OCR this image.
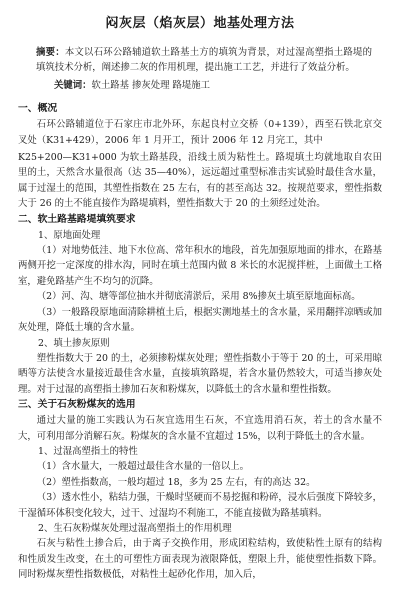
闷灰层（焰灰层）地基处理方法

摘要：本文以石环公路辅道软土路基土方的填筑为背景，对过湿高塑指土路堤的填筑技术分析，阐述掺二灰的作用机理，提出施工工艺，并进行了效益分析。

关键词：软土路基 掺灰处理 路堤施工

一、概况

石环公路辅道位于石家庄市北外环，东起良村立交桥（0+139），西至石铁北京交叉处（K31+429），2006 年 1 月开工，预计 2006 年 12 月完工，其中

K25+200—K31+000 为软土路基段，沿线土质为粘性土。路堤填土均就地取自农田里的土，天然含水量很高（达 35—40%），远远超过重型标准击实试验时最佳含水量，属于过湿土的范围，其塑性指数在 25 左右，有的甚至高达 32。按规范要求，塑性指数大于 26 的土不能直接作为路堤填料，塑性指数大于 20 的土须经过处治。

二、软土路基路堤填筑要求

1、原地面处理

（1）对地势低洼、地下水位高、常年积水的地段，首先加强原地面的排水，在路基两侧开挖一定深度的排水沟，同时在填土范围内做 8 米长的水泥搅拌桩，上面做土工格室，避免路基产生不均匀的沉降。

（2）河、沟、塘等部位抽水并彻底清淤后，采用 8%掺灰土填至原地面标高。

（3）一般路段原地面清除耕植土后，根据实测地基土的含水量，采用翻拌凉晒或加灰处理，降低土壤的含水量。

2、填土掺灰原则

塑性指数大于 20 的土，必须掺粉煤灰处理；塑性指数小于等于 20 的土，可采用晾晒等方法使含水量接近最佳含水量，直接填筑路堤，若含水量仍然较大，可适当掺灰处理。对于过湿的高塑指土掺加石灰和粉煤灰，以降低土的含水量和塑性指数。

三、关于石灰粉煤灰的选用

通过大量的施工实践认为石灰宜选用生石灰，不宜选用消石灰，若土的含水量不大，可利用部分消解石灰。粉煤灰的含水量不宜超过 15%，以利于降低土的含水量。

1、过湿高塑指土的特性

（1）含水量大，一般超过最佳含水量的一倍以上。

（2）塑性指数高，一般均超过 18，多为 25 左右，有的高达 32。

（3）透水性小，粘结力强，干燥时坚硬而不易挖掘和粉碎，浸水后强度下降较多，干湿循环体积变化较大，过干、过湿均不利施工，不能直接做为路基填料。

2、生石灰粉煤灰处理过湿高塑指土的作用机理

石灰与粘性土掺合后，由于离子交换作用，形成团粒结构，致使粘性土原有的结构和性质发生改变，在土的可塑性方面表现为液限降低，塑限上升，能使塑性指数下降。同时粉煤灰塑性指数极低，对粘性土起砂化作用，加入后，
